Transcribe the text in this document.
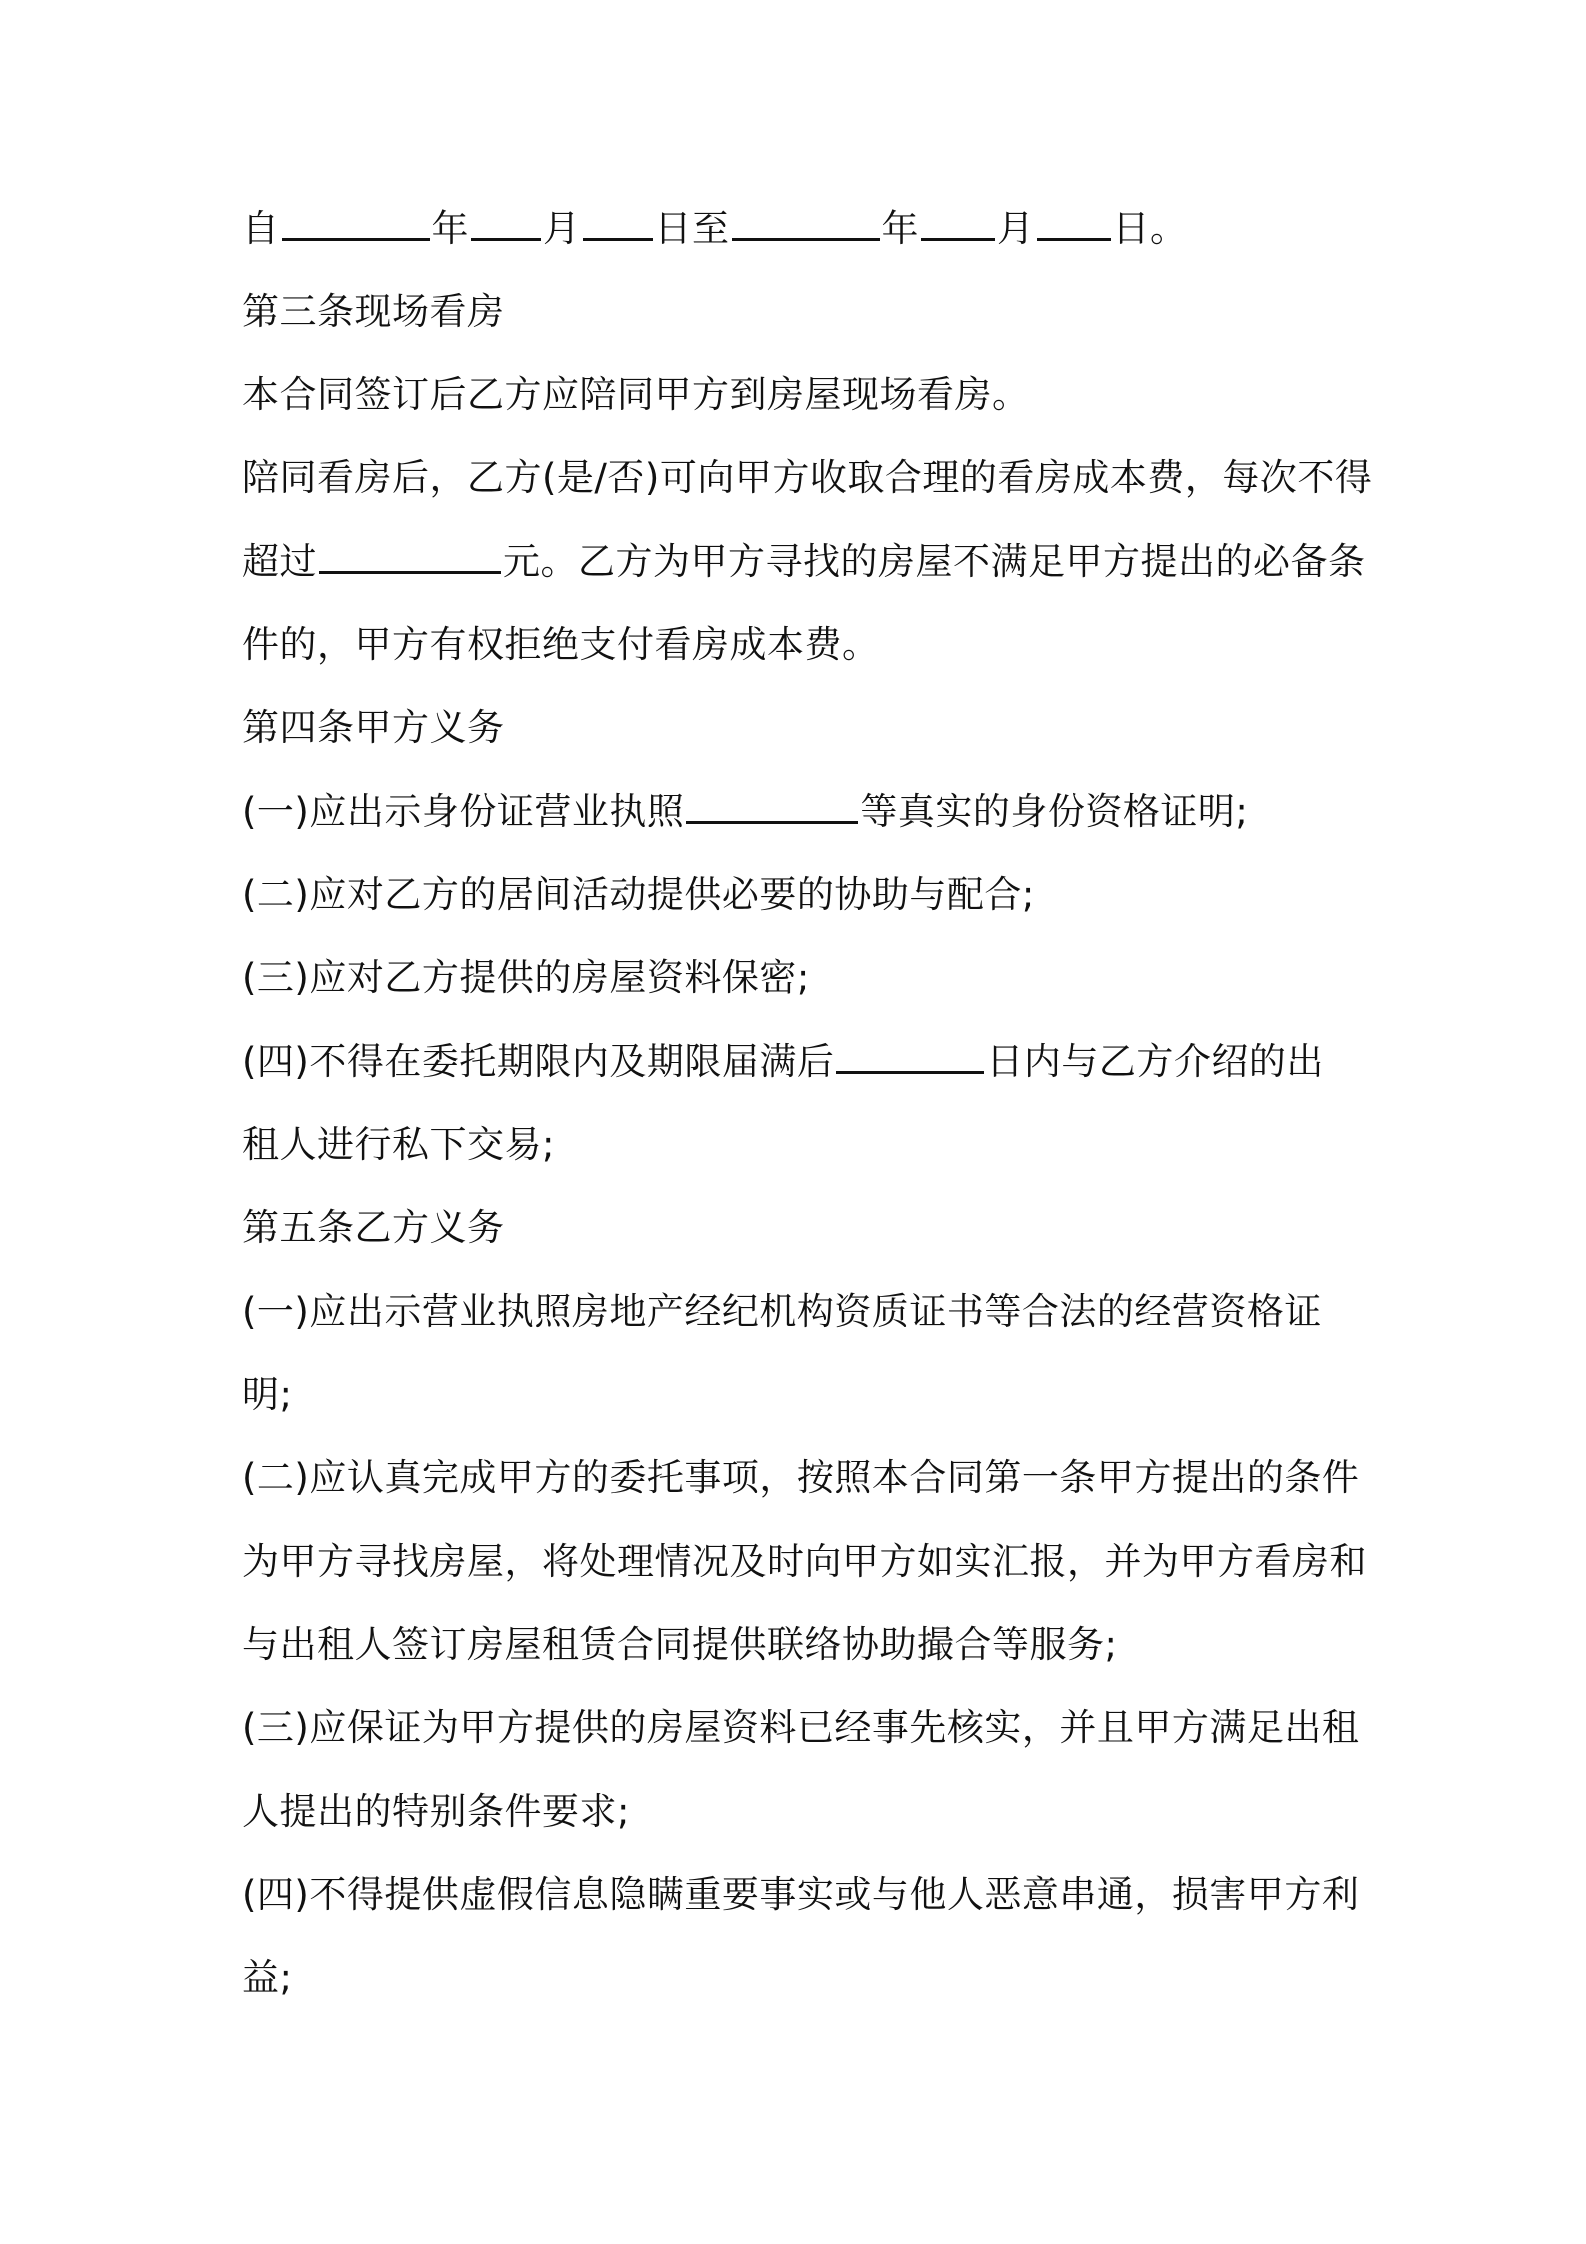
自	年 月 日至	年 月 日。
第三条现场看房
本合同签订后乙方应陪同甲方到房屋现场看房。
陪同看房后，乙方(是/否)可向甲方收取合理的看房成本费，每次不得
超过	元。乙方为甲方寻找的房屋不满足甲方提出的必备条
件的，甲方有权拒绝支付看房成本费。
第四条甲方义务
(一)应出示身份证营业执照	等真实的身份资格证明;
(二)应对乙方的居间活动提供必要的协助与配合;
(三)应对乙方提供的房屋资料保密;
(四)不得在委托期限内及期限届满后	日内与乙方介绍的出
租人进行私下交易;
第五条乙方义务
(一)应出示营业执照房地产经纪机构资质证书等合法的经营资格证
明;
(二)应认真完成甲方的委托事项，按照本合同第一条甲方提出的条件
为甲方寻找房屋，将处理情况及时向甲方如实汇报，并为甲方看房和
与出租人签订房屋租赁合同提供联络协助撮合等服务;
(三)应保证为甲方提供的房屋资料已经事先核实，并且甲方满足出租
人提出的特别条件要求;
(四)不得提供虚假信息隐瞒重要事实或与他人恶意串通，损害甲方利
益;
